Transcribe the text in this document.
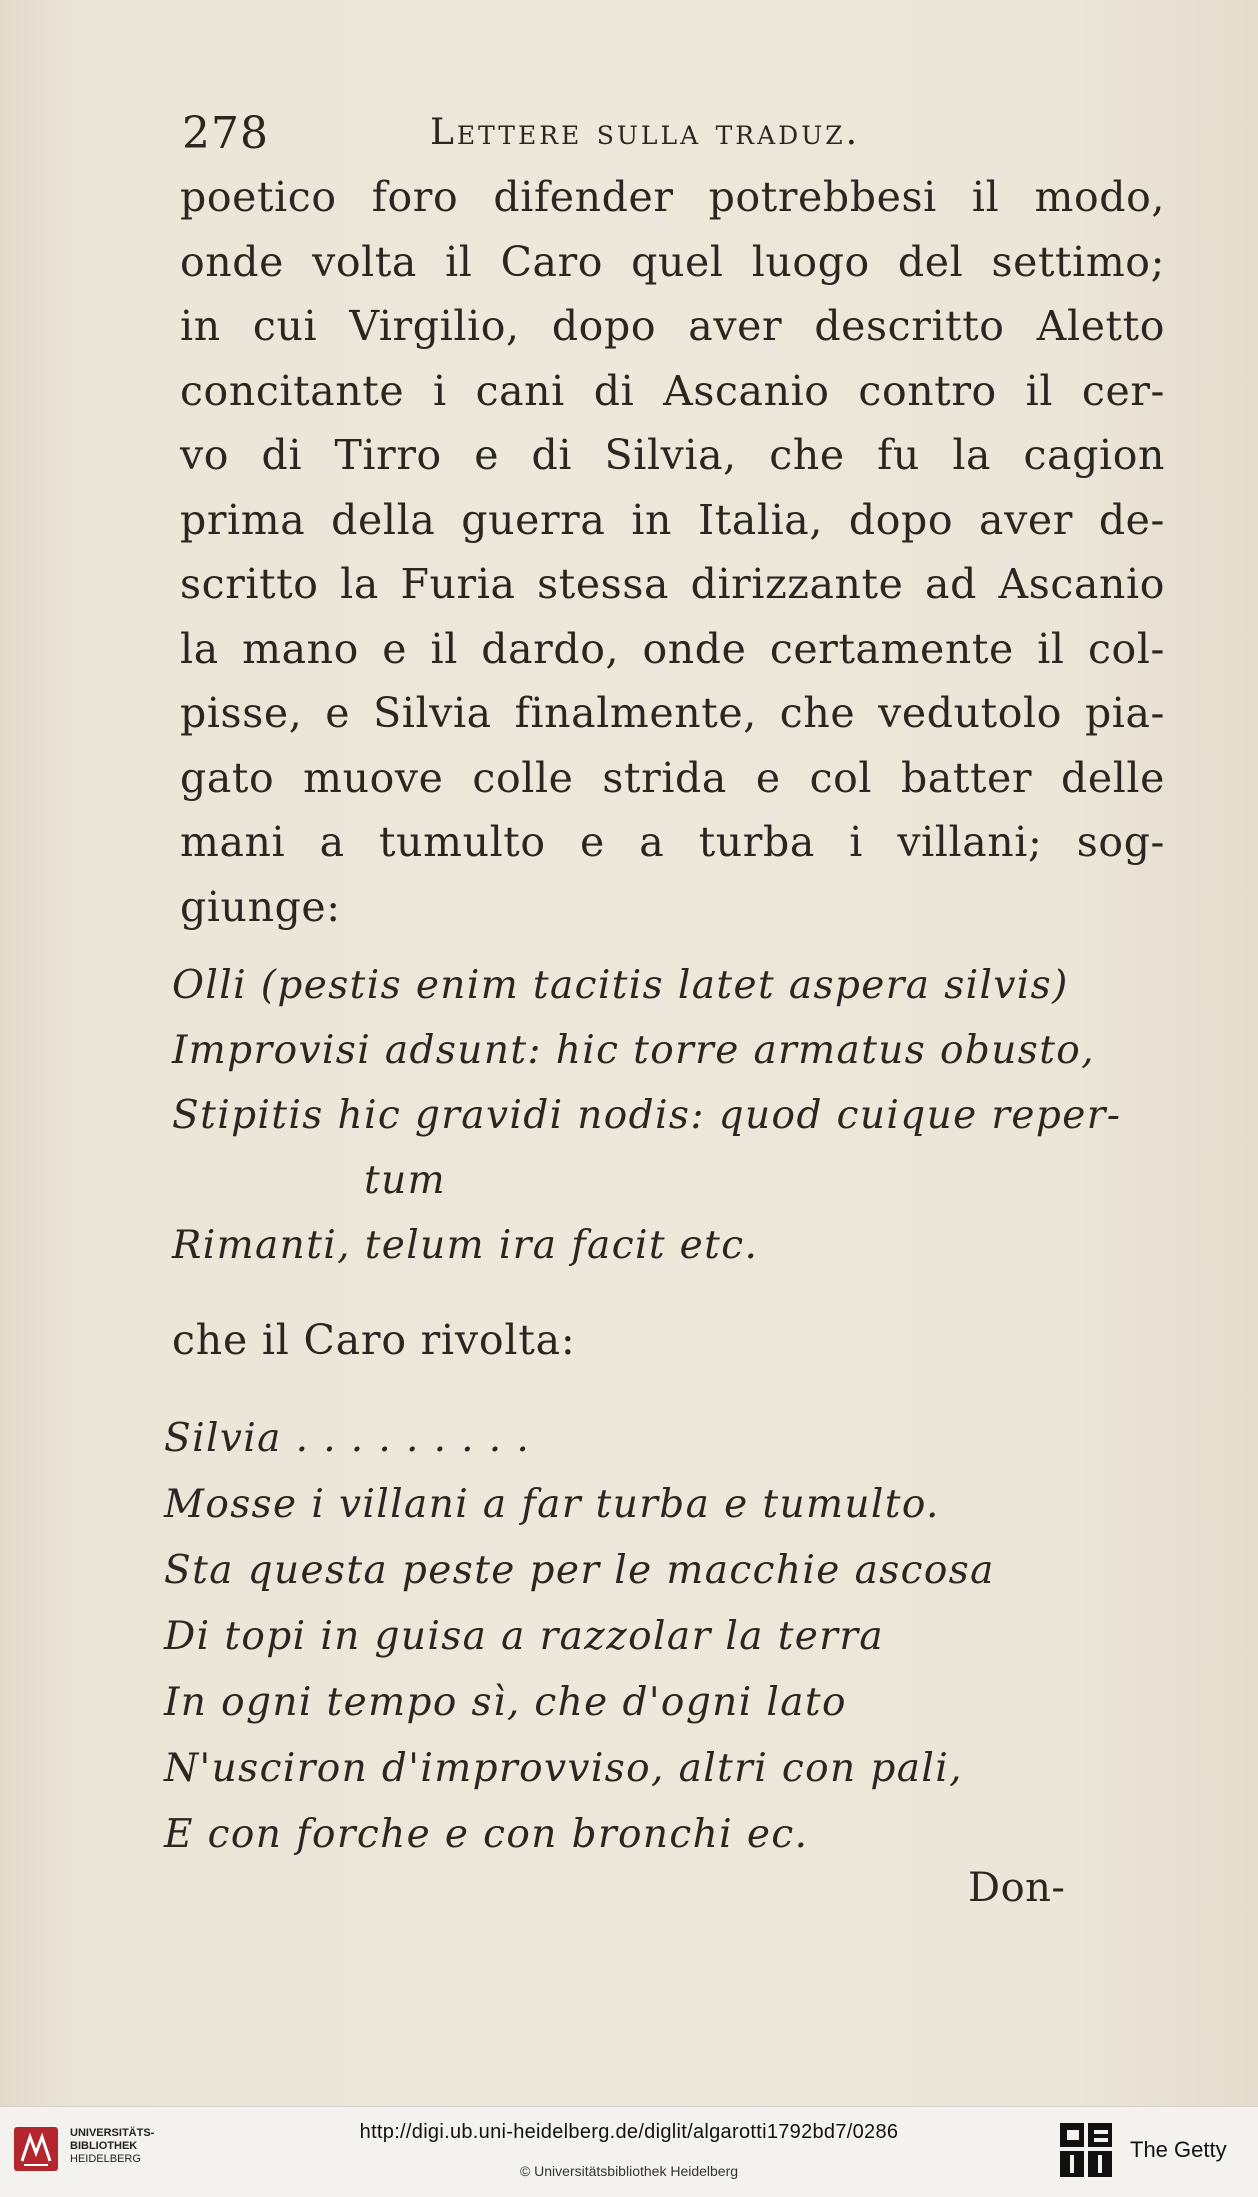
278	Lettere sulla traduz.
poetico foro difender potrebbesi il modo,
onde volta il Caro quel luogo del settimo;
in cui Virgilio, dopo aver descritto Aletto
concitante i cani di Ascanio contro il cer-
vo di Tirro e di Silvia, che fu la cagion
prima della guerra in Italia, dopo aver de-
scritto la Furia stessa dirizzante ad Ascanio
la mano e il dardo, onde certamente il col-
pisse, e Silvia finalmente, che vedutolo pia-
gato muove colle strida e col batter delle
mani a tumulto e a turba i villani; sog-
giunge:
Olli (pestis enim tacitis latet aspera silvis)
Improvisi adsunt: hic torre armatus obusto,
Stipitis hic gravidi nodis: quod cuique reper-
tum
Rimanti, telum ira facit etc.
che il Caro rivolta:
Silvia . . . . . . . . .
Mosse i villani a far turba e tumulto.
Sta questa peste per le macchie ascosa
Di topi in guisa a razzolar la terra
In ogni tempo sì, che d'ogni lato
N'usciron d'improvviso, altri con pali,
E con forche e con bronchi ec.
Don-
UNIVERSITÄTS-
BIBLIOTHEK
HEIDELBERG
http://digi.ub.uni-heidelberg.de/diglit/algarotti1792bd7/0286
© Universitätsbibliothek Heidelberg
The Getty
